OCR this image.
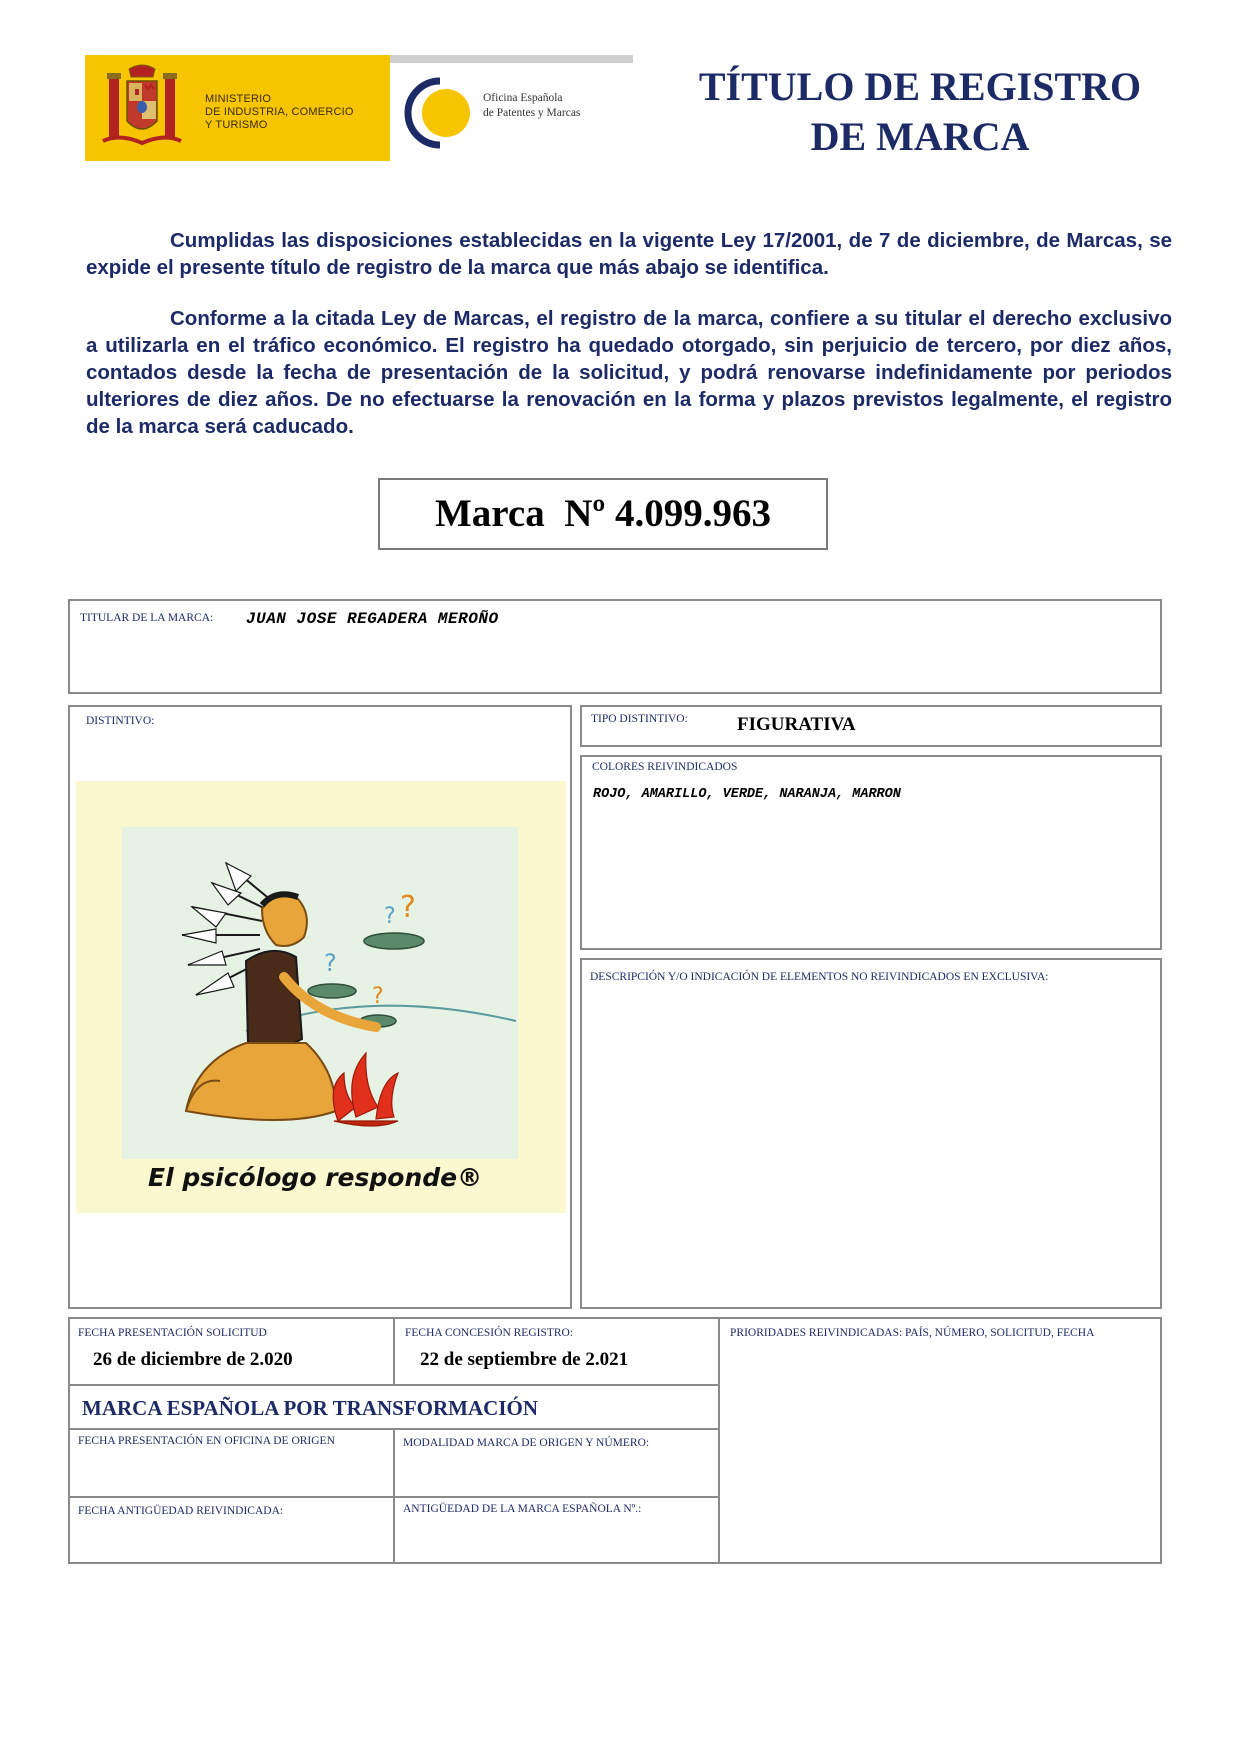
MINISTERIO
DE INDUSTRIA, COMERCIO
Y TURISMO
Oficina Española
de Patentes y Marcas
TÍTULO DE REGISTRO
DE MARCA
Cumplidas las disposiciones establecidas en la vigente Ley 17/2001, de 7 de diciembre, de Marcas, se expide el presente título de registro de la marca que más abajo se identifica.
Conforme a la citada Ley de Marcas, el registro de la marca, confiere a su titular el derecho exclusivo a utilizarla en el tráfico económico. El registro ha quedado otorgado, sin perjuicio de tercero, por diez años, contados desde la fecha de presentación de la solicitud, y podrá renovarse indefinidamente por periodos ulteriores de diez años. De no efectuarse la renovación en la forma y plazos previstos legalmente, el registro de la marca será caducado.
Marca  Nº 4.099.963
TITULAR DE LA MARCA: JUAN JOSE REGADERA MEROÑO
DISTINTIVO:
? ?
?
?
El psicólogo responde®
TIPO DISTINTIVO:	FIGURATIVA
COLORES REIVINDICADOS
ROJO, AMARILLO, VERDE, NARANJA, MARRON
DESCRIPCIÓN Y/O INDICACIÓN DE ELEMENTOS NO REIVINDICADOS EN EXCLUSIVA:
FECHA PRESENTACIÓN SOLICITUD
26 de diciembre de 2.020
FECHA CONCESIÓN REGISTRO:
22 de septiembre de 2.021
PRIORIDADES REIVINDICADAS: PAÍS, NÚMERO, SOLICITUD, FECHA
MARCA ESPAÑOLA POR TRANSFORMACIÓN
FECHA PRESENTACIÓN EN OFICINA DE ORIGEN	MODALIDAD MARCA DE ORIGEN Y NÚMERO:
FECHA ANTIGÜEDAD REIVINDICADA:	ANTIGÜEDAD DE LA MARCA ESPAÑOLA Nº.:
